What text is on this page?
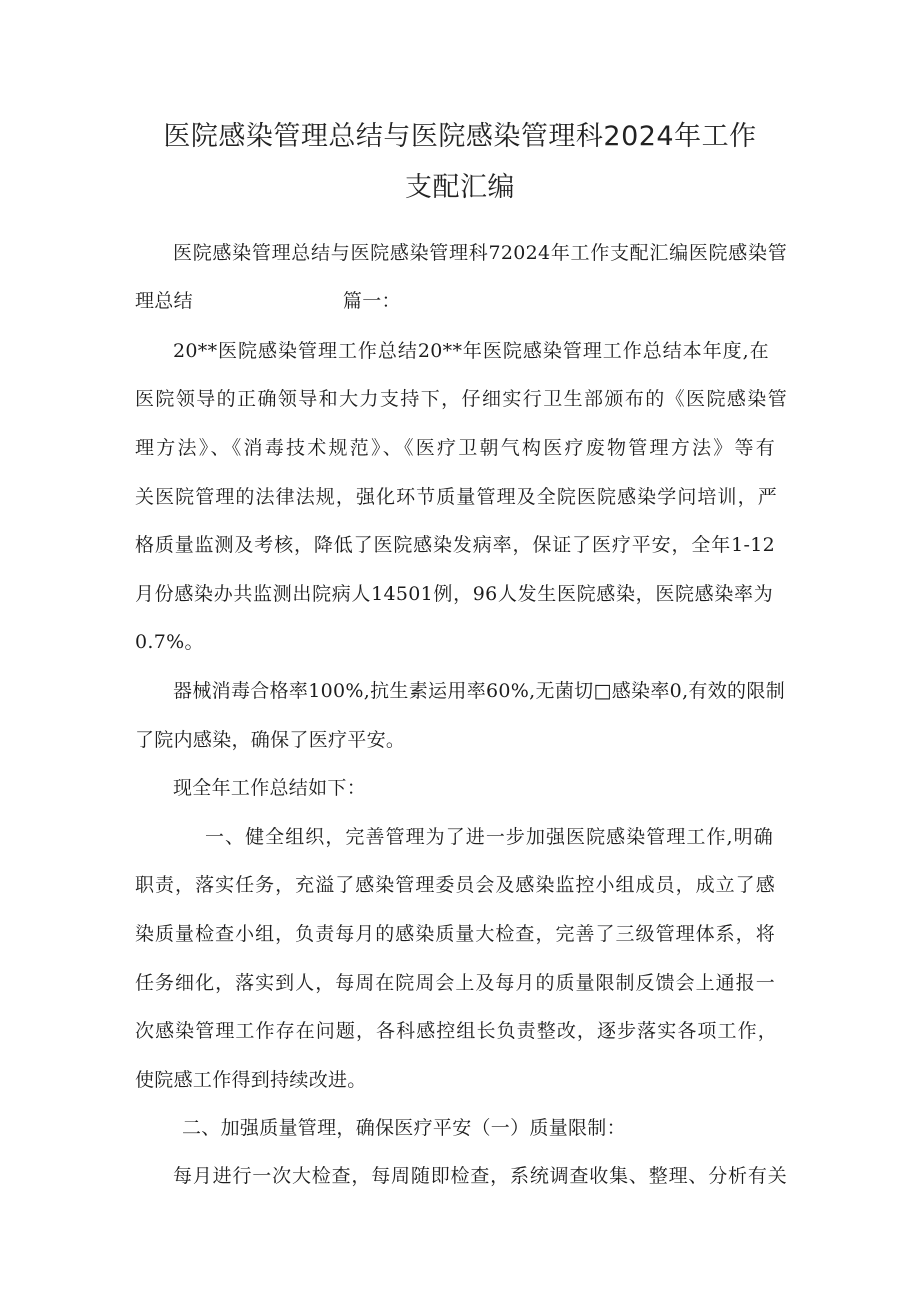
医院感染管理总结与医院感染管理科2024年工作
支配汇编
医院感染管理总结与医院感染管理科72024年工作支配汇编医院感染管
理总结	篇一：
20**医院感染管理工作总结20**年医院感染管理工作总结本年度,在
医院领导的正确领导和大力支持下，仔细实行卫生部颁布的《医院感染管
理方法》、《消毒技术规范》、《医疗卫朝气构医疗废物管理方法》等有
关医院管理的法律法规，强化环节质量管理及全院医院感染学问培训，严
格质量监测及考核，降低了医院感染发病率，保证了医疗平安，全年1-12
月份感染办共监测出院病人14501例，96人发生医院感染，医院感染率为
0.7%。
器械消毒合格率100%,抗生素运用率60%,无菌切□感染率0,有效的限制
了院内感染，确保了医疗平安。
现全年工作总结如下：
一、健全组织，完善管理为了进一步加强医院感染管理工作,明确
职责，落实任务，充溢了感染管理委员会及感染监控小组成员，成立了感
染质量检查小组，负责每月的感染质量大检查，完善了三级管理体系，将
任务细化，落实到人，每周在院周会上及每月的质量限制反馈会上通报一
次感染管理工作存在问题，各科感控组长负责整改，逐步落实各项工作，
使院感工作得到持续改进。
二、加强质量管理，确保医疗平安（一）质量限制：
每月进行一次大检查，每周随即检查，系统调查收集、整理、分析有关
